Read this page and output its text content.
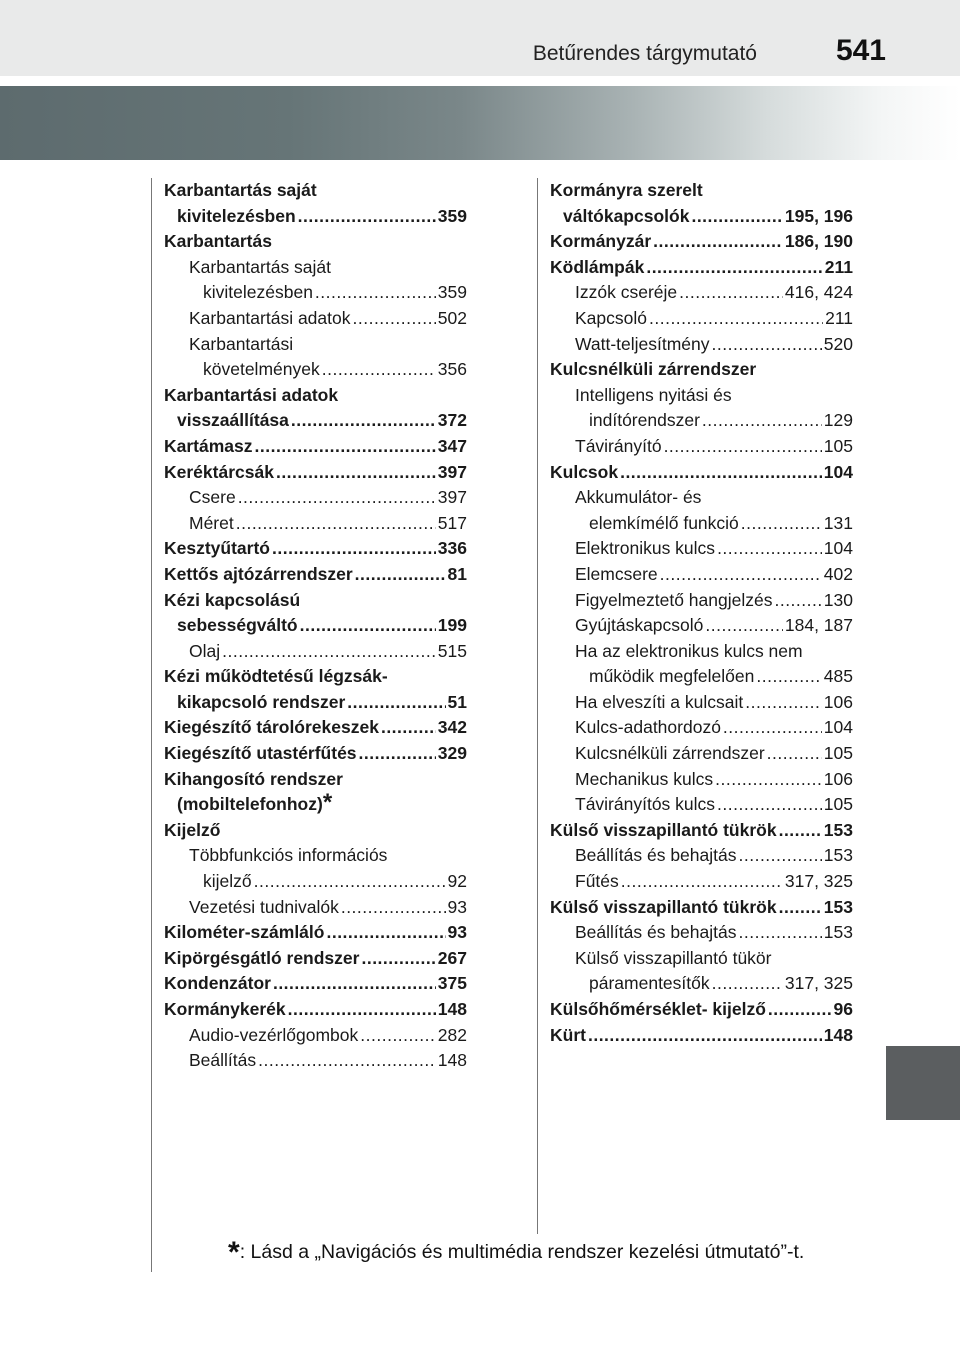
Betűrendes tárgymutató	541
Karbantartás saját
kivitelezésben .....	359
Karbantartás
Karbantartás saját
kivitelezésben .....	359
Karbantartási adatok .....	502
Karbantartási
követelmények .....	356
Karbantartási adatok
visszaállítása .....	372
Kartámasz .....	347
Keréktárcsák .....	397
Csere .....	397
Méret .....	517
Kesztyűtartó .....	336
Kettős ajtózárrendszer .....	81
Kézi kapcsolású
sebességváltó .....	199
Olaj .....	515
Kézi működtetésű légzsák-
kikapcsoló rendszer .....	51
Kiegészítő tárolórekeszek .....	342
Kiegészítő utastérfűtés .....	329
Kihangosító rendszer
(mobiltelefonhoz) *
Kijelző
Többfunkciós információs
kijelző .....	92
Vezetési tudnivalók .....	93
Kilométer-számláló .....	93
Kipörgésgátló rendszer .....	267
Kondenzátor .....	375
Kormánykerék .....	148
Audio-vezérlőgombok .....	282
Beállítás .....	148
Kormányra szerelt
váltókapcsolók .....	195, 196
Kormányzár .....	186, 190
Ködlámpák .....	211
Izzók cseréje .....	416, 424
Kapcsoló .....	211
Watt-teljesítmény .....	520
Kulcsnélküli zárrendszer
Intelligens nyitási és
indítórendszer .....	129
Távirányító .....	105
Kulcsok .....	104
Akkumulátor- és
elemkímélő funkció .....	131
Elektronikus kulcs .....	104
Elemcsere .....	402
Figyelmeztető hangjelzés .....	130
Gyújtáskapcsoló .....	184, 187
Ha az elektronikus kulcs nem
működik megfelelően .....	485
Ha elveszíti a kulcsait .....	106
Kulcs-adathordozó .....	104
Kulcsnélküli zárrendszer .....	105
Mechanikus kulcs .....	106
Távirányítós kulcs .....	105
Külső visszapillantó tükrök .....	153
Beállítás és behajtás .....	153
Fűtés .....	317, 325
Külső visszapillantó tükrök .....	153
Beállítás és behajtás .....	153
Külső visszapillantó tükör
páramentesítők .....	317, 325
Külsőhőmérséklet- kijelző .....	96
Kürt .....	148
*: Lásd a „Navigációs és multimédia rendszer kezelési útmutató”-t.
